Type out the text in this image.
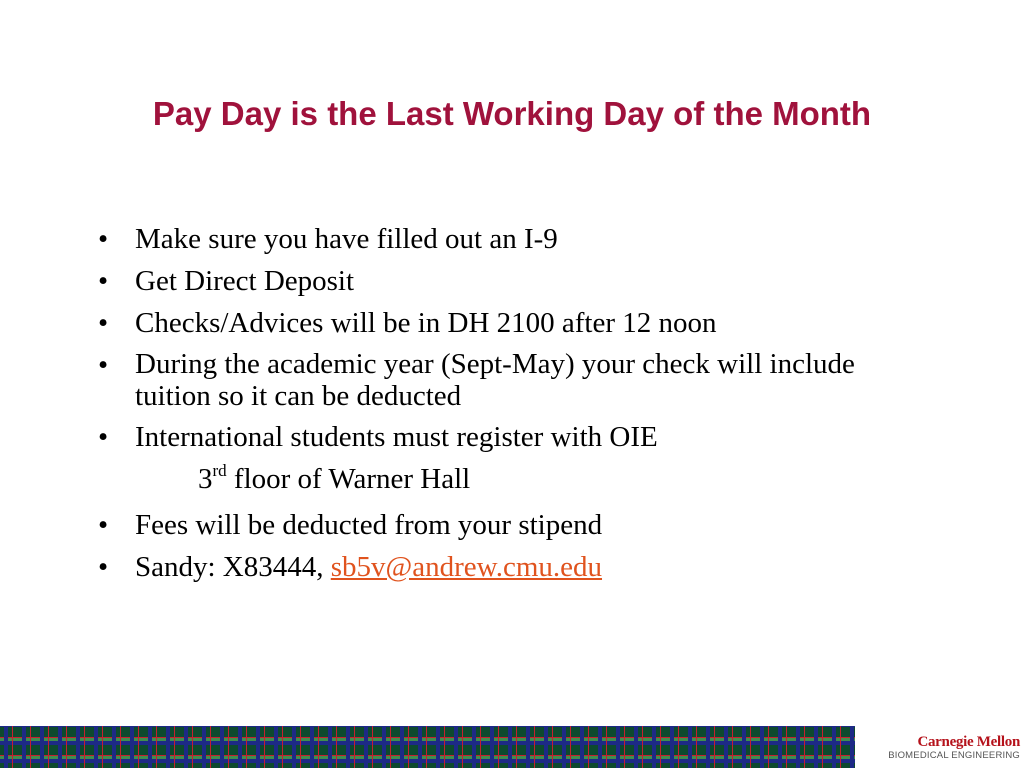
Pay Day is the Last Working Day of the Month
• Make sure you have filled out an I-9
• Get Direct Deposit
• Checks/Advices will be in DH 2100 after 12 noon
• During the academic year (Sept-May) your check will include tuition so it can be deducted
• International students must register with OIE
3rd floor of Warner Hall
• Fees will be deducted from your stipend
• Sandy: X83444, sb5v@andrew.cmu.edu
Carnegie Mellon
BIOMEDICAL ENGINEERING
